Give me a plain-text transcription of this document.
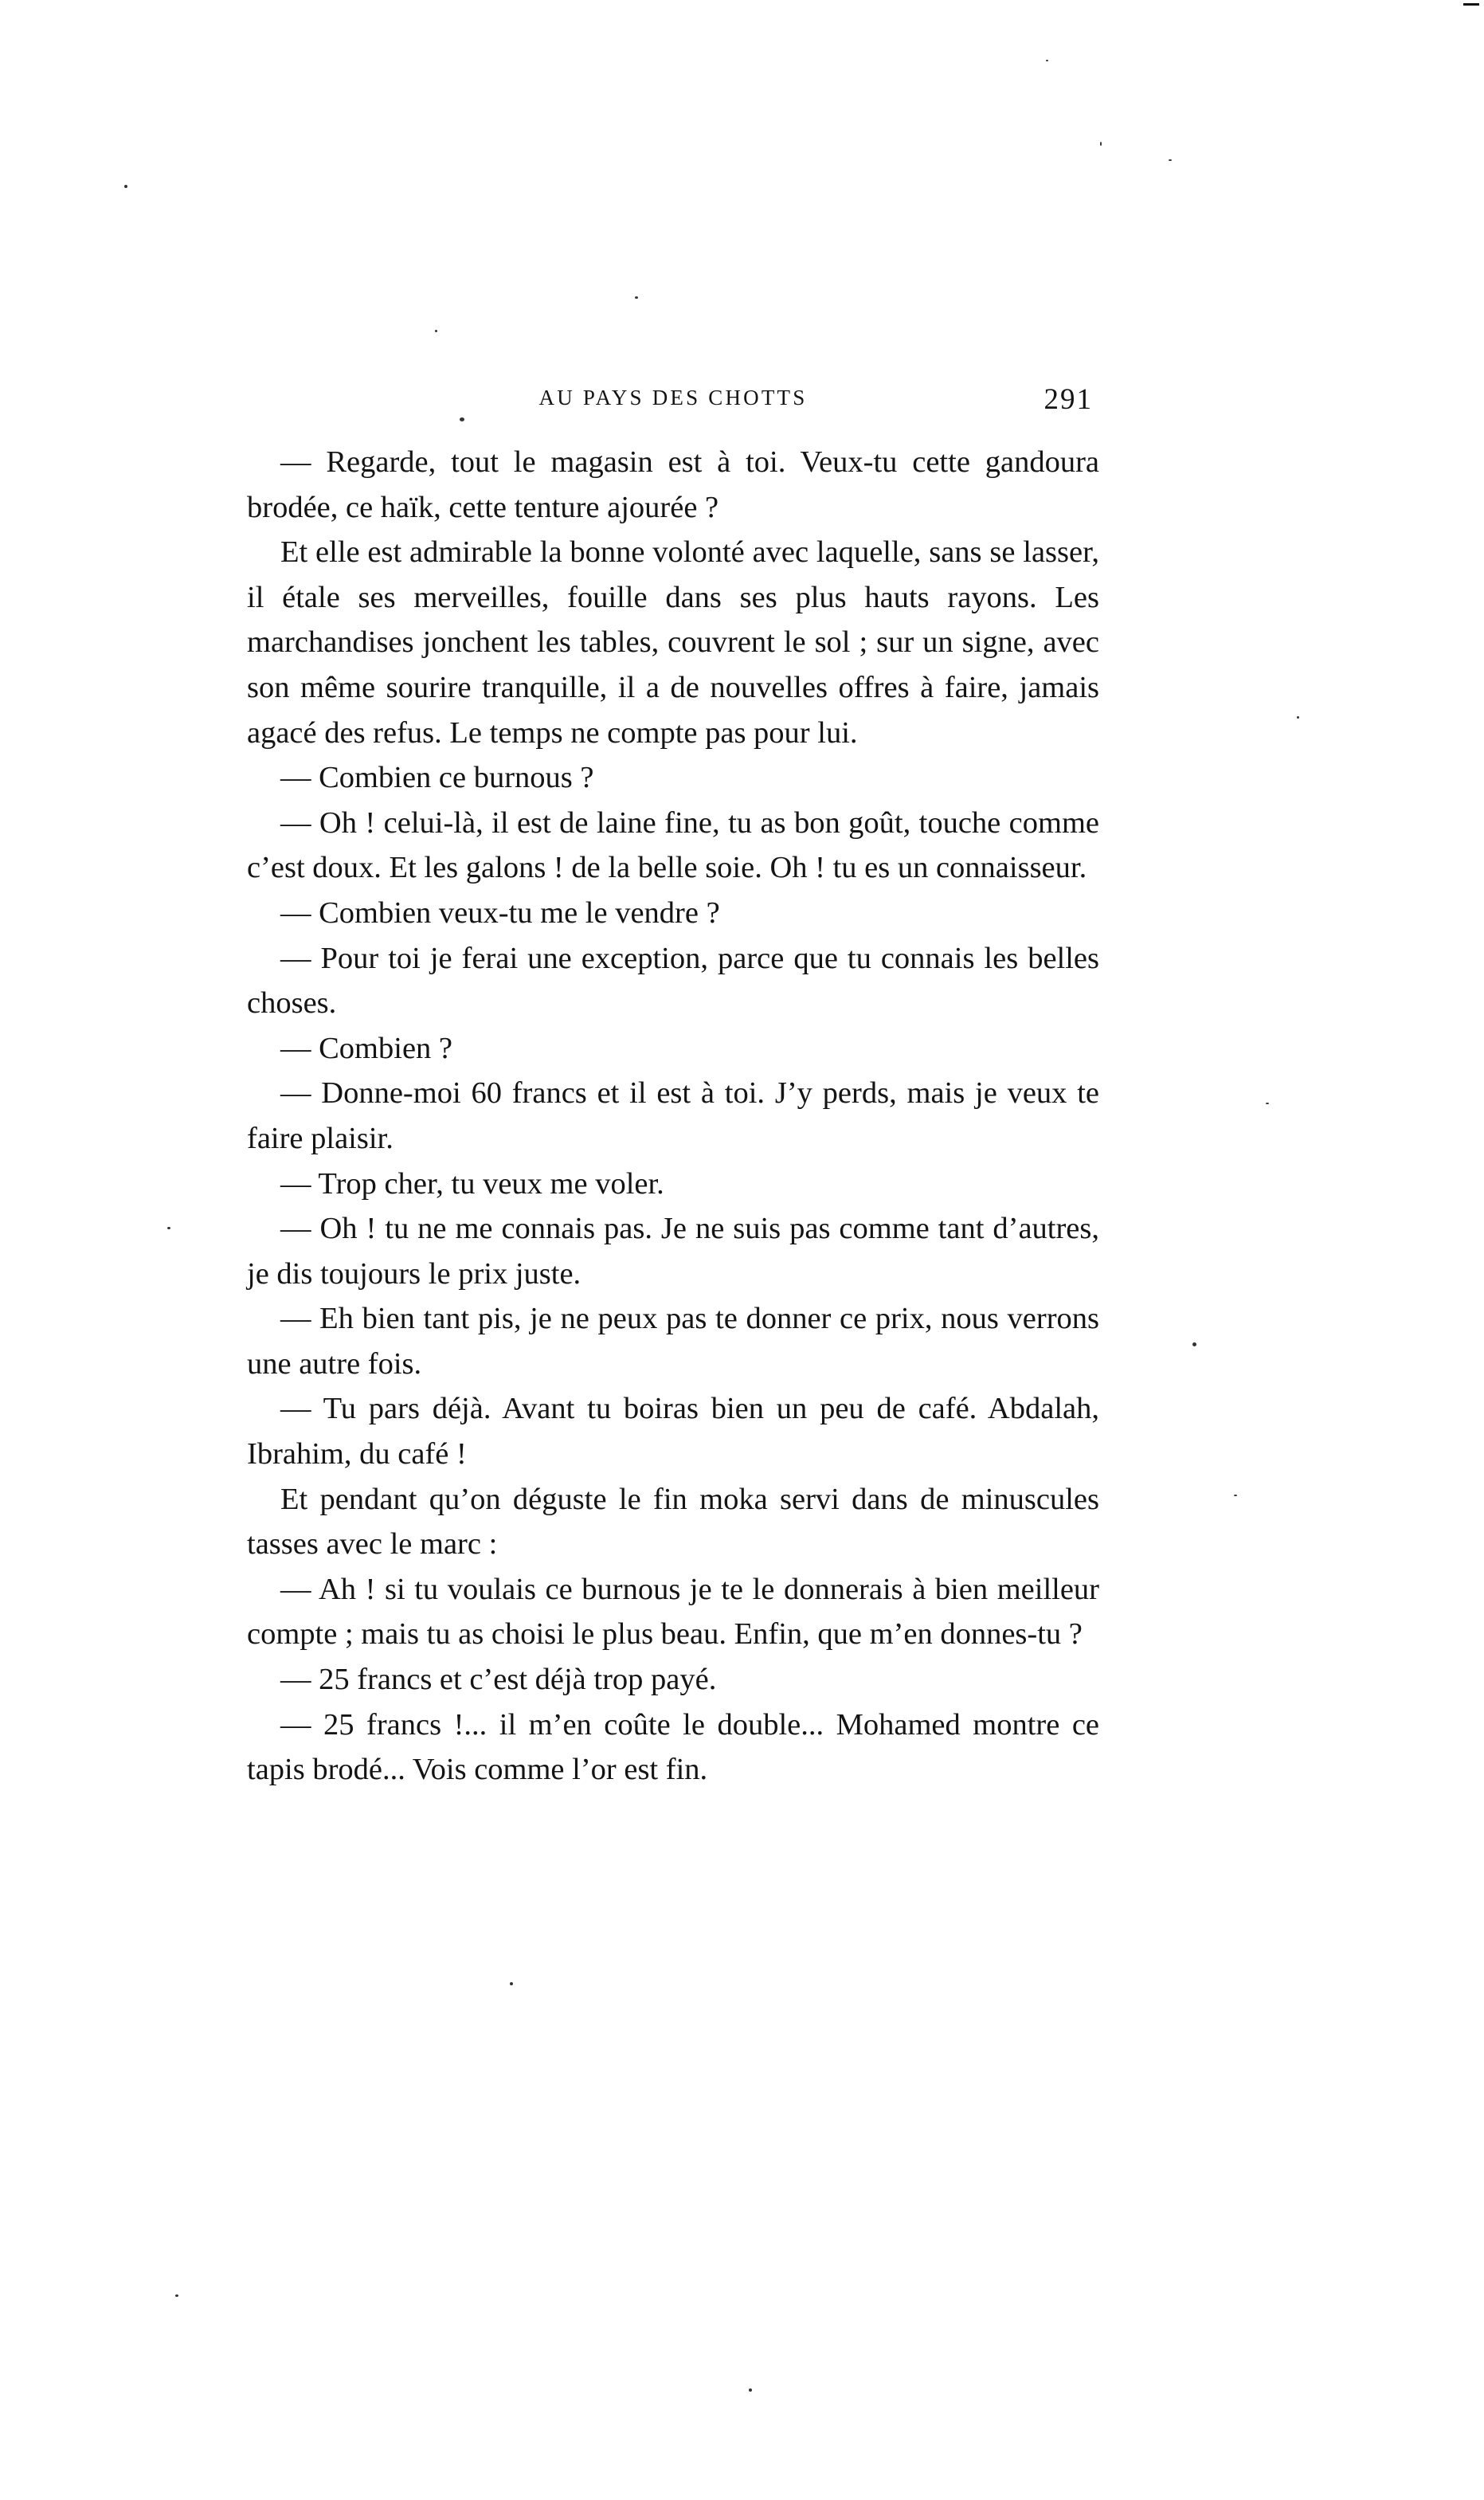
AU PAYS DES CHOTTS	291

— Regarde, tout le magasin est à toi. Veux-tu cette gandoura brodée, ce haïk, cette tenture ajourée ?

Et elle est admirable la bonne volonté avec laquelle, sans se lasser, il étale ses merveilles, fouille dans ses plus hauts rayons. Les marchandises jonchent les tables, couvrent le sol ; sur un signe, avec son même sourire tranquille, il a de nouvelles offres à faire, jamais agacé des refus. Le temps ne compte pas pour lui.

— Combien ce burnous ?

— Oh ! celui-là, il est de laine fine, tu as bon goût, touche comme c’est doux. Et les galons ! de la belle soie. Oh ! tu es un connaisseur.

— Combien veux-tu me le vendre ?

— Pour toi je ferai une exception, parce que tu connais les belles choses.

— Combien ?

— Donne-moi 60 francs et il est à toi. J’y perds, mais je veux te faire plaisir.

— Trop cher, tu veux me voler.

— Oh ! tu ne me connais pas. Je ne suis pas comme tant d’autres, je dis toujours le prix juste.

— Eh bien tant pis, je ne peux pas te donner ce prix, nous verrons une autre fois.

— Tu pars déjà. Avant tu boiras bien un peu de café. Abdalah, Ibrahim, du café !

Et pendant qu’on déguste le fin moka servi dans de minuscules tasses avec le marc :

— Ah ! si tu voulais ce burnous je te le donnerais à bien meilleur compte ; mais tu as choisi le plus beau. Enfin, que m’en donnes-tu ?

— 25 francs et c’est déjà trop payé.

— 25 francs !... il m’en coûte le double... Mohamed montre ce tapis brodé... Vois comme l’or est fin.
